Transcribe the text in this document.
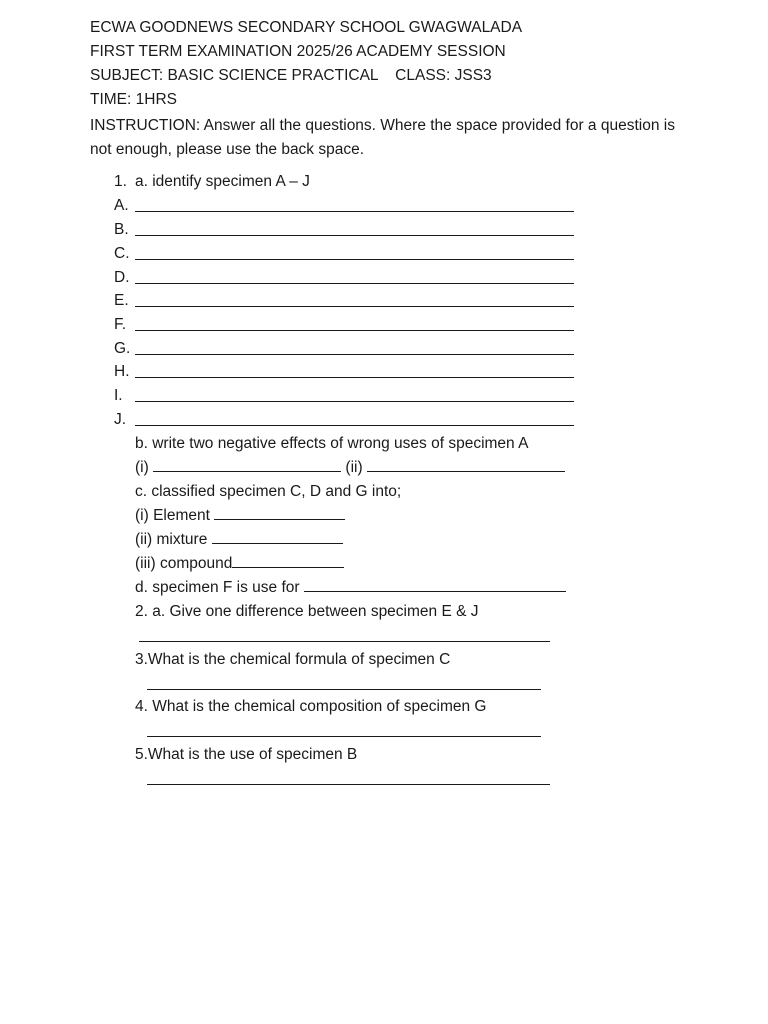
ECWA GOODNEWS SECONDARY SCHOOL GWAGWALADA
FIRST TERM EXAMINATION 2025/26 ACADEMY SESSION
SUBJECT: BASIC SCIENCE PRACTICAL    CLASS: JSS3
TIME: 1HRS
INSTRUCTION: Answer all the questions. Where the space provided for a question is not enough, please use the back space.
1. a. identify specimen A – J
A.
B.
C.
D.
E.
F.
G.
H.
I.
J.
b. write two negative effects of wrong uses of specimen A
(i)	(ii)
c. classified specimen C, D and G into;
(i) Element
(ii) mixture
(iii) compound
d. specimen F is use for
2. a. Give one difference between specimen E & J
3.What is the chemical formula of specimen C
4. What is the chemical composition of specimen G
5.What is the use of specimen B
